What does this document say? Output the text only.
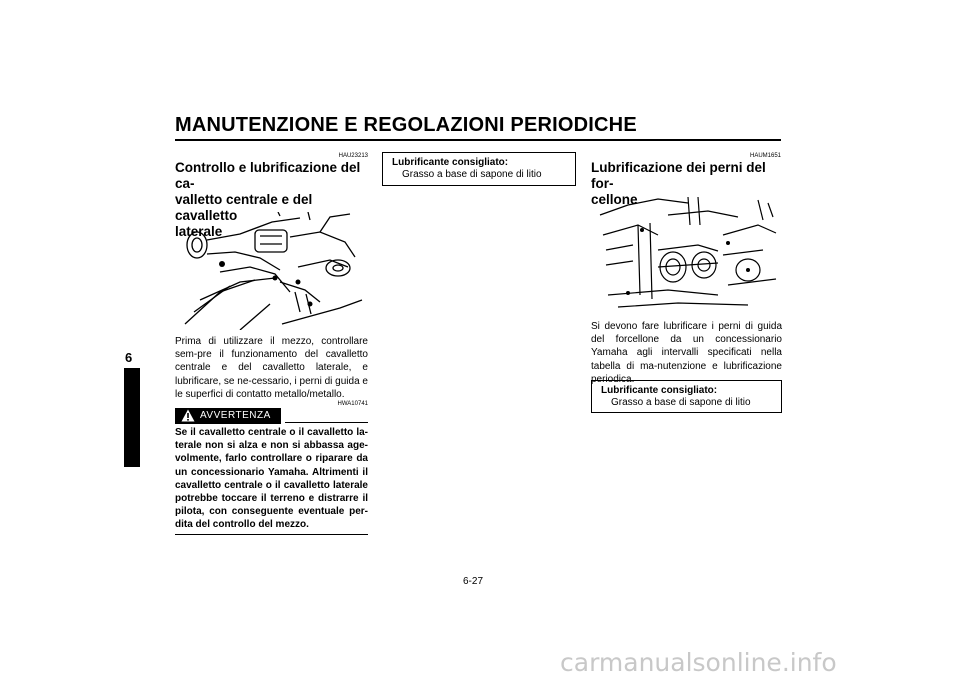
MANUTENZIONE E REGOLAZIONI PERIODICHE
6
HAU23213
Controllo e lubrificazione del ca-
valletto centrale e del cavalletto
laterale
Prima di utilizzare il mezzo, controllare sem-pre il funzionamento del cavalletto centrale e del cavalletto laterale, e lubrificare, se ne-cessario, i perni di guida e le superfici di contatto metallo/metallo.
HWA10741
AVVERTENZA
Se il cavalletto centrale o il cavalletto la-terale non si alza e non si abbassa age-volmente, farlo controllare o riparare da un concessionario Yamaha. Altrimenti il cavalletto centrale o il cavalletto laterale potrebbe toccare il terreno e distrarre il pilota, con conseguente eventuale per-dita del controllo del mezzo.
Lubrificante consigliato:
Grasso a base di sapone di litio
HAUM1651
Lubrificazione dei perni del for-
cellone
Si devono fare lubrificare i perni di guida del forcellone da un concessionario Yamaha agli intervalli specificati nella tabella di ma-nutenzione e lubrificazione periodica.
Lubrificante consigliato:
Grasso a base di sapone di litio
6-27
carmanualsonline.info
